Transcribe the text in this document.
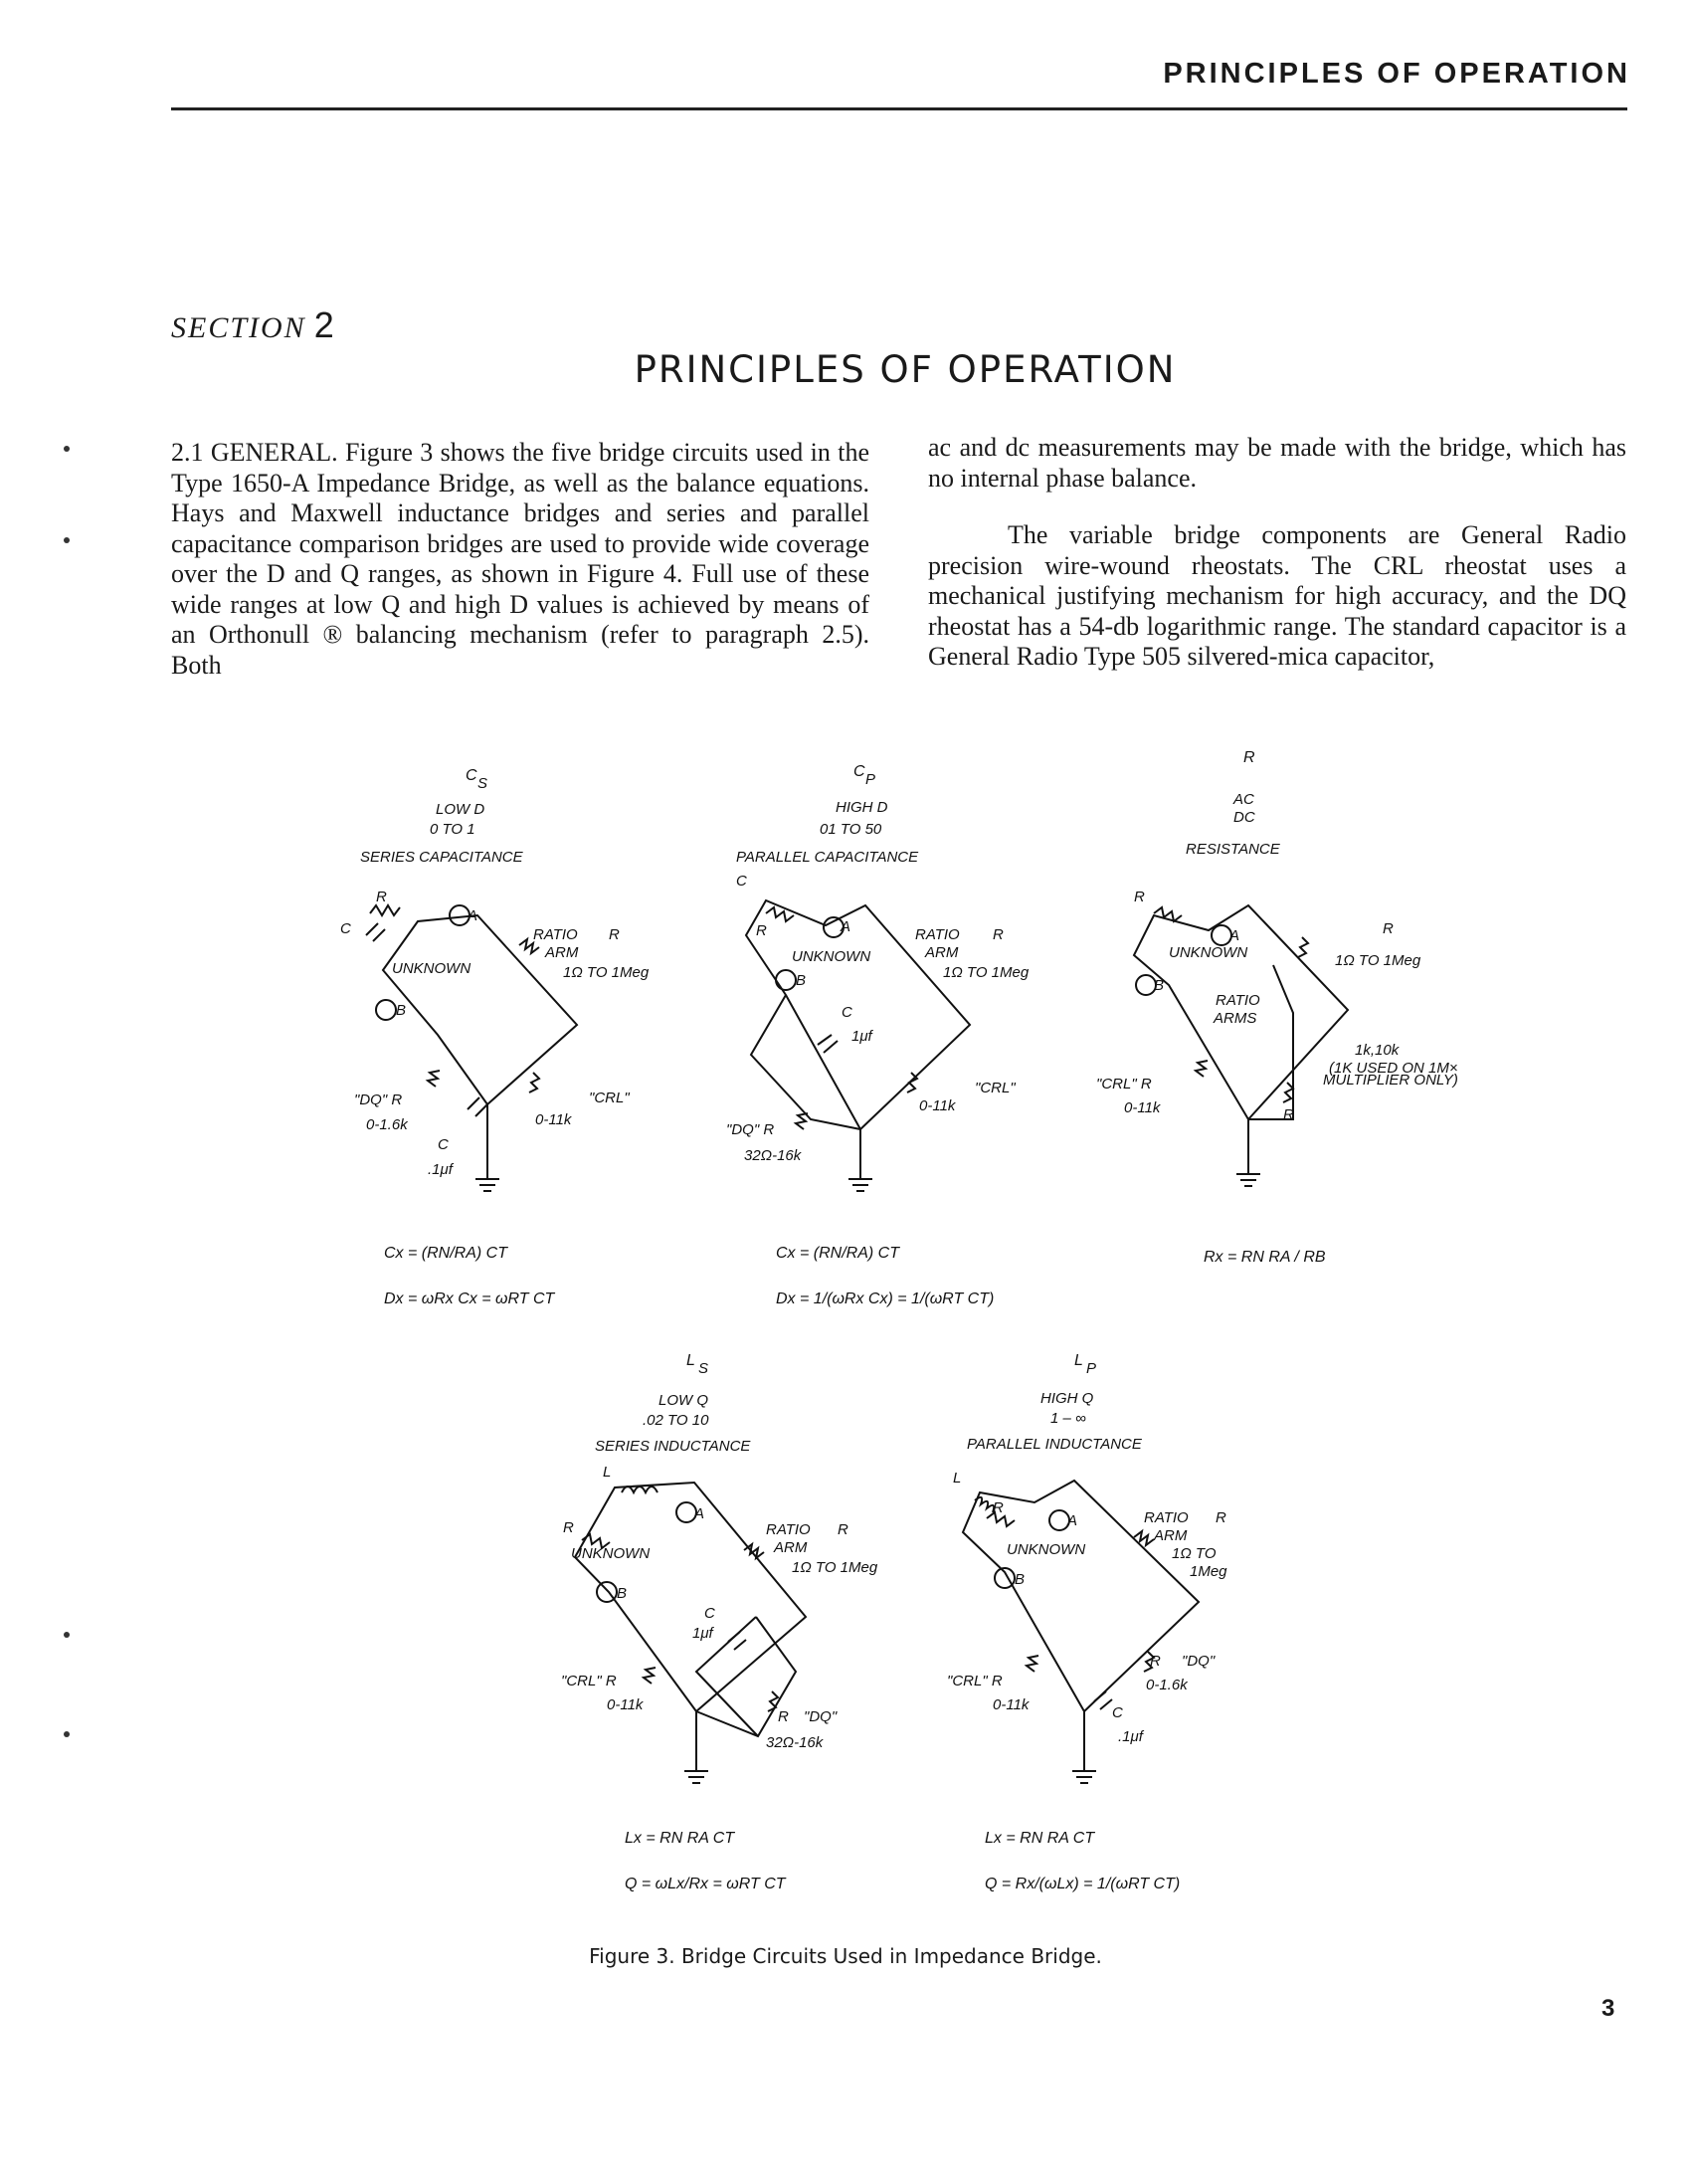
PRINCIPLES OF OPERATION
SECTION 2
PRINCIPLES OF OPERATION

2.1 GENERAL. Figure 3 shows the five bridge circuits used in the Type 1650-A Impedance Bridge, as well as the balance equations. Hays and Maxwell inductance bridges and series and parallel capacitance comparison bridges are used to provide wide coverage over the D and Q ranges, as shown in Figure 4. Full use of these wide ranges at low Q and high D values is achieved by means of an Orthonull ® balancing mechanism (refer to paragraph 2.5). Both

ac and dc measurements may be made with the bridge, which has no internal phase balance.

The variable bridge components are General Radio precision wire-wound rheostats. The CRL rheostat uses a mechanical justifying mechanism for high accuracy, and the DQ rheostat has a 54-db logarithmic range. The standard capacitor is a General Radio Type 505 silvered-mica capacitor,

C S
LOW D
0 TO 1
SERIES CAPACITANCE
R
C
A
B
RATIO R
ARM
1Ω TO 1Meg
UNKNOWN
"DQ" R
0-1.6k
"CRL"
0-11k
C
.1μf
Cx = (RN/RA) CT
Dx = ωRx Cx = ωRT CT
C P
HIGH D
01 TO 50
PARALLEL CAPACITANCE
C
R	A
B
RATIO R
ARM
1Ω TO 1Meg
UNKNOWN
C
1μf
"CRL"
0-11k
"DQ" R
32Ω-16k
Cx = (RN/RA) CT
Dx = 1/(ωRx Cx) = 1/(ωRT CT)
R
AC
DC
RESISTANCE
R
A
B
UNKNOWN
R
1Ω TO 1Meg
RATIO
ARMS
1k,10k
(1K USED ON 1M×
MULTIPLIER ONLY)
"CRL" R
0-11k	R
Rx = RN RA / RB
L S
LOW Q
.02 TO 10
SERIES INDUCTANCE
L
R
A
B
UNKNOWN
RATIO R
ARM
1Ω TO 1Meg
C
1μf
"CRL" R
0-11k
R "DQ"
32Ω-16k
Lx = RN RA CT
Q = ωLx/Rx = ωRT CT
L P
HIGH Q
1 – ∞
PARALLEL INDUCTANCE
L
R
A
B
UNKNOWN
RATIO R
ARM
1Ω TO
1Meg
"CRL" R
0-11k
R "DQ"
0-1.6k
C
.1μf
Lx = RN RA CT
Q = Rx/(ωLx) = 1/(ωRT CT)
Figure 3. Bridge Circuits Used in Impedance Bridge.
3
